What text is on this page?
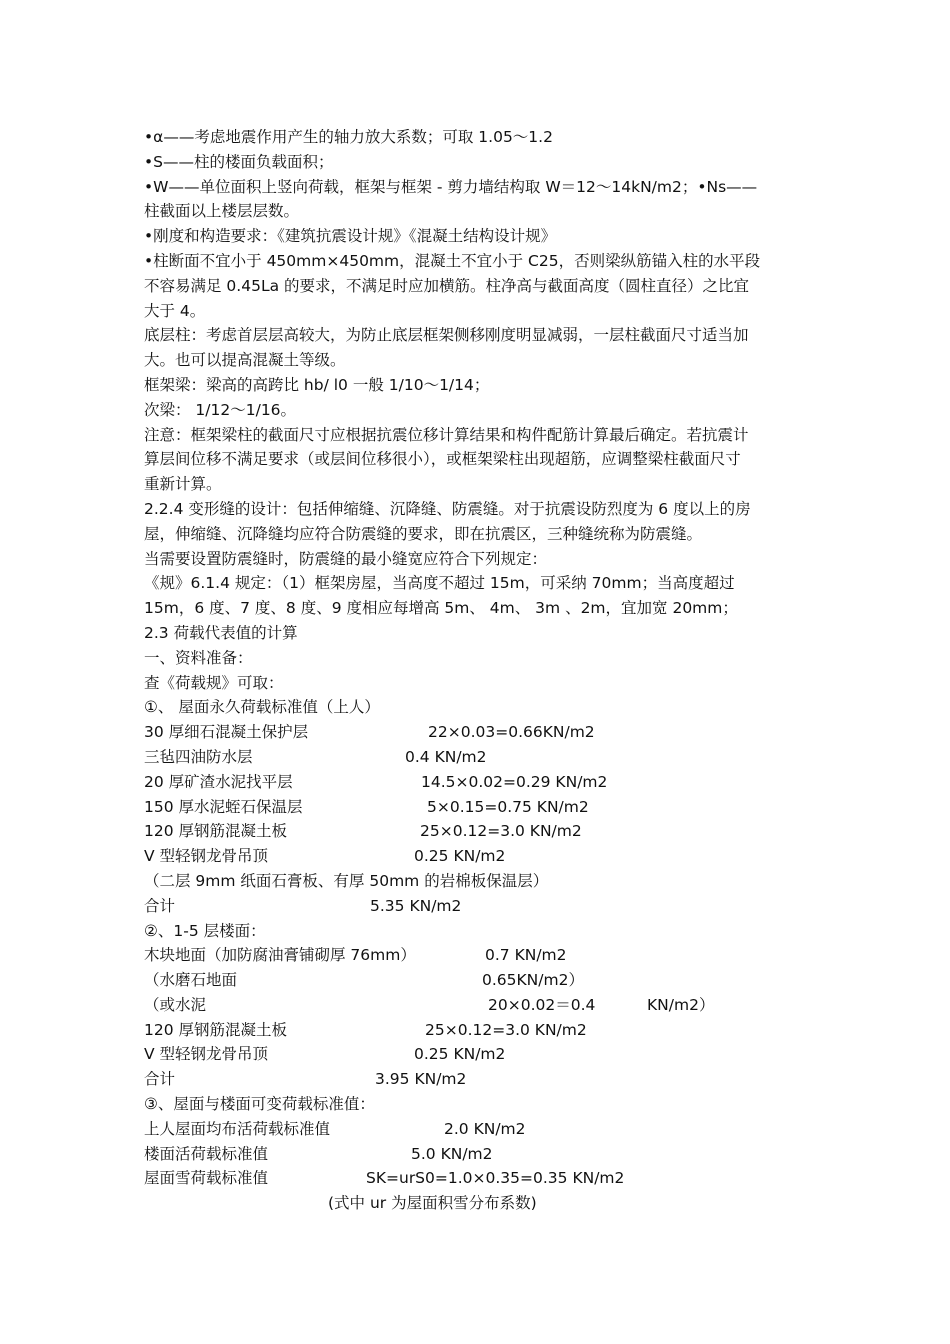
•α——考虑地震作用产生的轴力放大系数；可取 1.05～1.2
•S——柱的楼面负载面积；
•W——单位面积上竖向荷载，框架与框架 - 剪力墙结构取 W＝12～14kN/m2；•Ns——
柱截面以上楼层层数。
•刚度和构造要求：《建筑抗震设计规》《混凝土结构设计规》
•柱断面不宜小于 450mm×450mm，混凝土不宜小于 C25，否则梁纵筋锚入柱的水平段
不容易满足 0.45La 的要求，不满足时应加横筋。柱净高与截面高度（圆柱直径）之比宜
大于 4。
底层柱：考虑首层层高较大，为防止底层框架侧移刚度明显减弱，一层柱截面尺寸适当加
大。也可以提高混凝土等级。
框架梁：梁高的高跨比 hb/ l0 一般 1/10～1/14；
次梁： 1/12～1/16。
注意：框架梁柱的截面尺寸应根据抗震位移计算结果和构件配筋计算最后确定。若抗震计
算层间位移不满足要求（或层间位移很小），或框架梁柱出现超筋，应调整梁柱截面尺寸
重新计算。
2.2.4 变形缝的设计：包括伸缩缝、沉降缝、防震缝。对于抗震设防烈度为 6 度以上的房
屋，伸缩缝、沉降缝均应符合防震缝的要求，即在抗震区，三种缝统称为防震缝。
当需要设置防震缝时，防震缝的最小缝宽应符合下列规定：
《规》6.1.4 规定：（1）框架房屋，当高度不超过 15m，可采纳 70mm；当高度超过
15m，6 度、7 度、8 度、9 度相应每增高 5m、 4m、 3m 、2m，宜加宽 20mm；
2.3 荷载代表值的计算
一、资料准备：
查《荷载规》可取：
①、 屋面永久荷载标准值（上人）
30 厚细石混凝土保护层	22×0.03=0.66KN/m2
三毡四油防水层	0.4 KN/m2
20 厚矿渣水泥找平层	14.5×0.02=0.29 KN/m2
150 厚水泥蛭石保温层	5×0.15=0.75 KN/m2
120 厚钢筋混凝土板	25×0.12=3.0 KN/m2
V 型轻钢龙骨吊顶	0.25 KN/m2
（二层 9mm 纸面石膏板、有厚 50mm 的岩棉板保温层）
合计	5.35 KN/m2
②、1-5 层楼面：
木块地面（加防腐油膏铺砌厚 76mm）	0.7 KN/m2
（水磨石地面	0.65KN/m2）
（或水泥	20×0.02＝0.4	KN/m2）
120 厚钢筋混凝土板	25×0.12=3.0 KN/m2
V 型轻钢龙骨吊顶	0.25 KN/m2
合计	3.95 KN/m2
③、屋面与楼面可变荷载标准值：
上人屋面均布活荷载标准值	2.0 KN/m2
楼面活荷载标准值	5.0 KN/m2
屋面雪荷载标准值	SK=urS0=1.0×0.35=0.35 KN/m2
(式中 ur 为屋面积雪分布系数)
